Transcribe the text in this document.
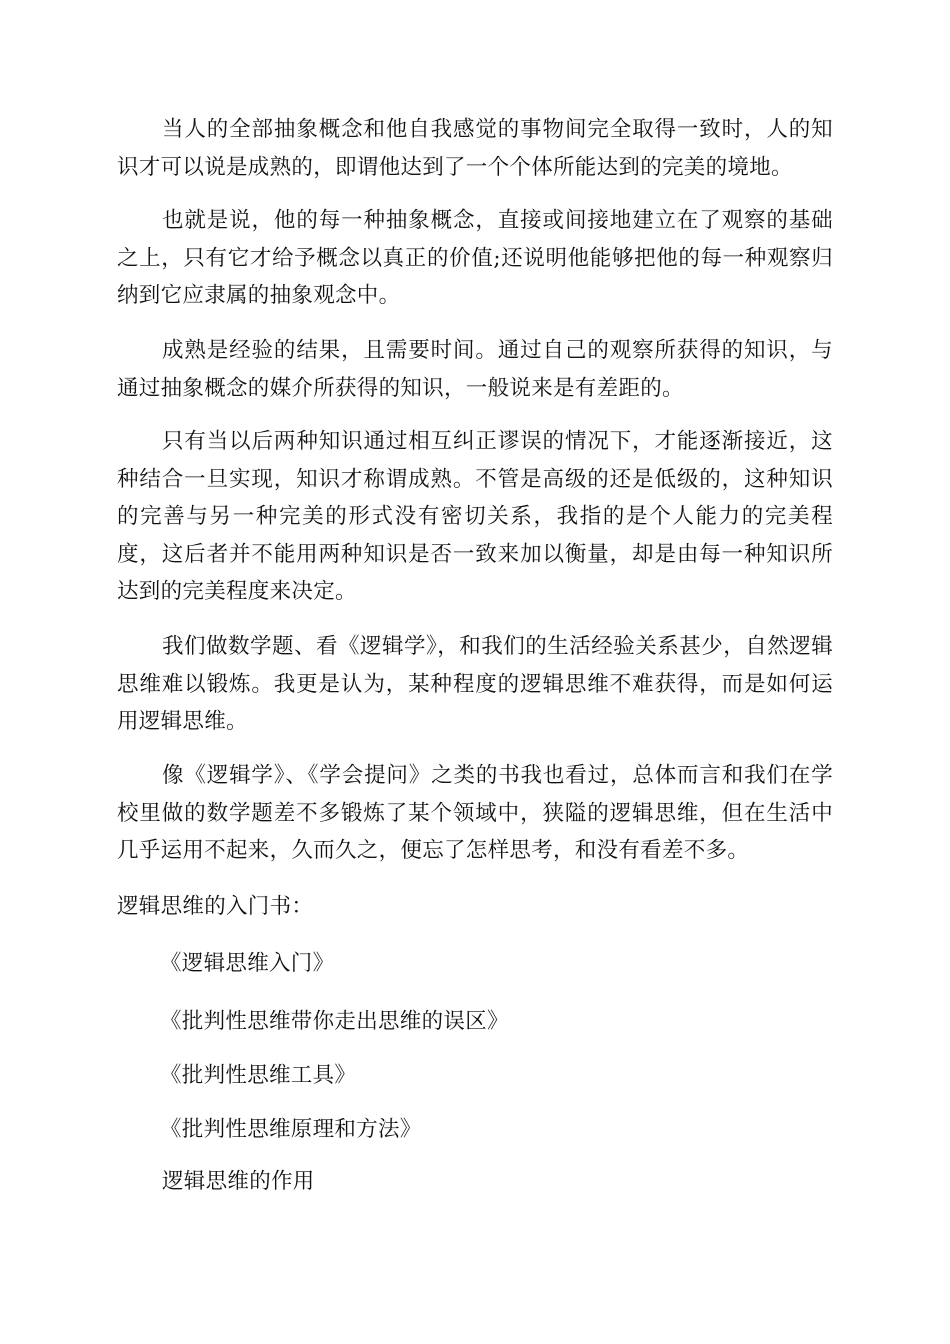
当人的全部抽象概念和他自我感觉的事物间完全取得一致时，人的知识才可以说是成熟的，即谓他达到了一个个体所能达到的完美的境地。

也就是说，他的每一种抽象概念，直接或间接地建立在了观察的基础之上，只有它才给予概念以真正的价值;还说明他能够把他的每一种观察归纳到它应隶属的抽象观念中。

成熟是经验的结果，且需要时间。通过自己的观察所获得的知识，与通过抽象概念的媒介所获得的知识，一般说来是有差距的。

只有当以后两种知识通过相互纠正谬误的情况下，才能逐渐接近，这种结合一旦实现，知识才称谓成熟。不管是高级的还是低级的，这种知识的完善与另一种完美的形式没有密切关系，我指的是个人能力的完美程度，这后者并不能用两种知识是否一致来加以衡量，却是由每一种知识所达到的完美程度来决定。

我们做数学题、看《逻辑学》，和我们的生活经验关系甚少，自然逻辑思维难以锻炼。我更是认为，某种程度的逻辑思维不难获得，而是如何运用逻辑思维。

像《逻辑学》、《学会提问》之类的书我也看过，总体而言和我们在学校里做的数学题差不多锻炼了某个领域中，狭隘的逻辑思维，但在生活中几乎运用不起来，久而久之，便忘了怎样思考，和没有看差不多。

逻辑思维的入门书：

《逻辑思维入门》
《批判性思维带你走出思维的误区》
《批判性思维工具》
《批判性思维原理和方法》
逻辑思维的作用
